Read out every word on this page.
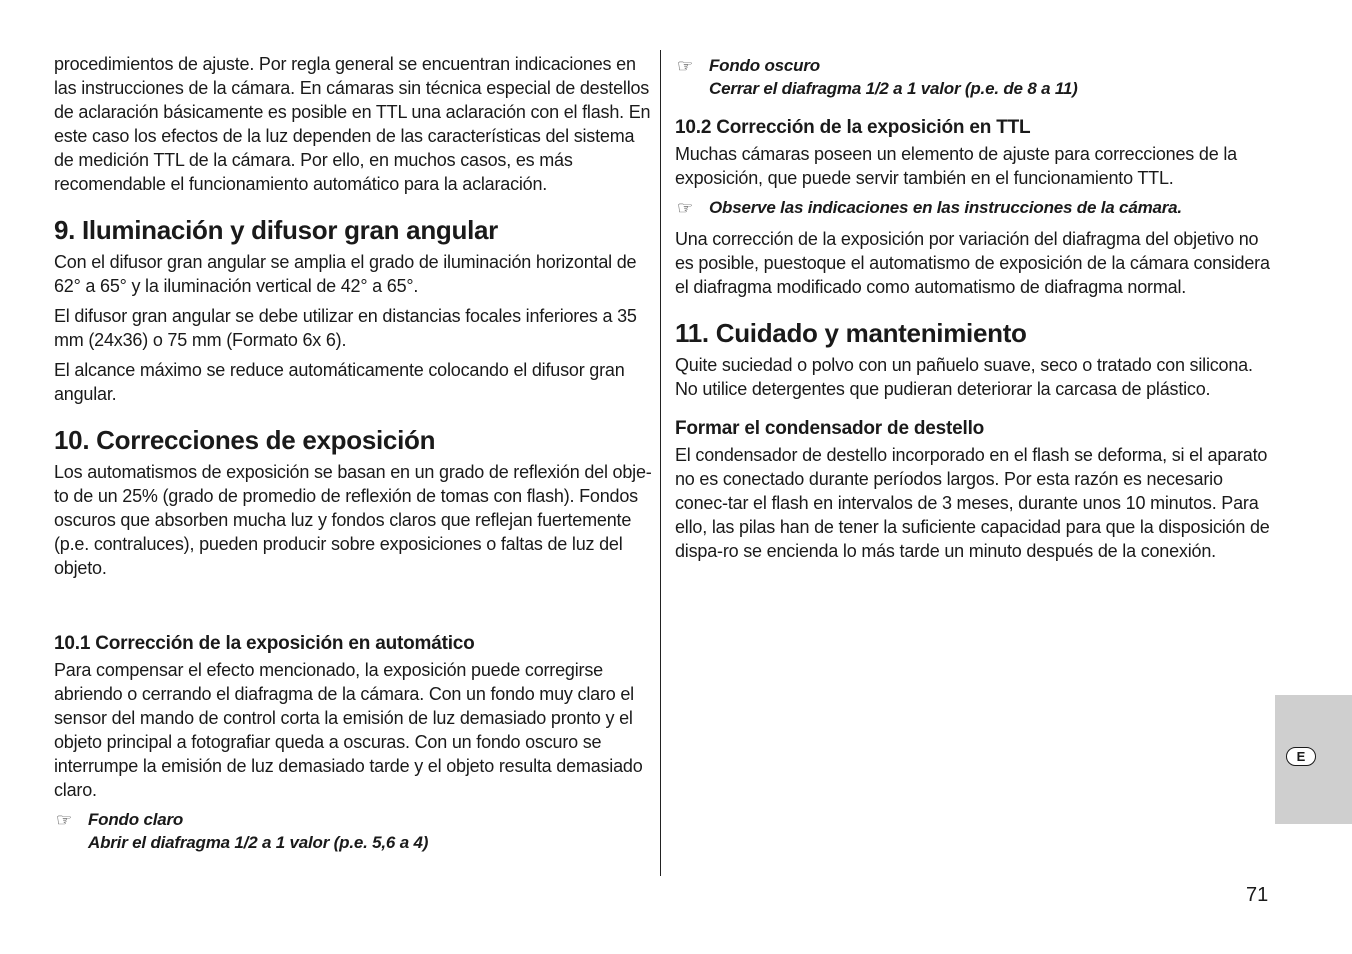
procedimientos de ajuste. Por regla general se encuentran indicaciones en las instrucciones de la cámara. En cámaras sin técnica especial de destellos de aclaración básicamente es posible en TTL una aclaración con el flash. En este caso los efectos de la luz dependen de las características del sistema de medición TTL de la cámara. Por ello, en muchos casos, es más recomendable el funcionamiento automático para la aclaración.

9. Iluminación y difusor gran angular

Con el difusor gran angular se amplia el grado de iluminación horizontal de 62° a 65° y la iluminación vertical de 42° a 65°.

El difusor gran angular se debe utilizar en distancias focales inferiores a 35 mm (24x36) o 75 mm (Formato 6x 6).

El alcance máximo se reduce automáticamente colocando el difusor gran angular.

10. Correcciones de exposición

Los automatismos de exposición se basan en un grado de reflexión del obje-to de un 25% (grado de promedio de reflexión de tomas con flash). Fondos oscuros que absorben mucha luz y fondos claros que reflejan fuertemente (p.e. contraluces), pueden producir sobre exposiciones o faltas de luz del objeto.

10.1 Corrección de la exposición en automático

Para compensar el efecto mencionado, la exposición puede corregirse abriendo o cerrando el diafragma de la cámara. Con un fondo muy claro el sensor del mando de control corta la emisión de luz demasiado pronto y el objeto principal a fotografiar queda a oscuras. Con un fondo oscuro se interrumpe la emisión de luz demasiado tarde y el objeto resulta demasiado claro.

☞ Fondo claro
Abrir el diafragma 1/2 a 1 valor (p.e. 5,6 a 4)
☞ Fondo oscuro
Cerrar el diafragma 1/2 a 1 valor (p.e. de 8 a 11)
10.2 Corrección de la exposición en TTL

Muchas cámaras poseen un elemento de ajuste para correcciones de la exposición, que puede servir también en el funcionamiento TTL.

☞ Observe las indicaciones en las instrucciones de la cámara.

Una corrección de la exposición por variación del diafragma del objetivo no es posible, puestoque el automatismo de exposición de la cámara considera el diafragma modificado como automatismo de diafragma normal.

11. Cuidado y mantenimiento

Quite suciedad o polvo con un pañuelo suave, seco o tratado con silicona. No utilice detergentes que pudieran deteriorar la carcasa de plástico.

Formar el condensador de destello

El condensador de destello incorporado en el flash se deforma, si el aparato no es conectado durante períodos largos. Por esta razón es necesario conec-tar el flash en intervalos de 3 meses, durante unos 10 minutos. Para ello, las pilas han de tener la suficiente capacidad para que la disposición de dispa-ro se encienda lo más tarde un minuto después de la conexión.

E
71
